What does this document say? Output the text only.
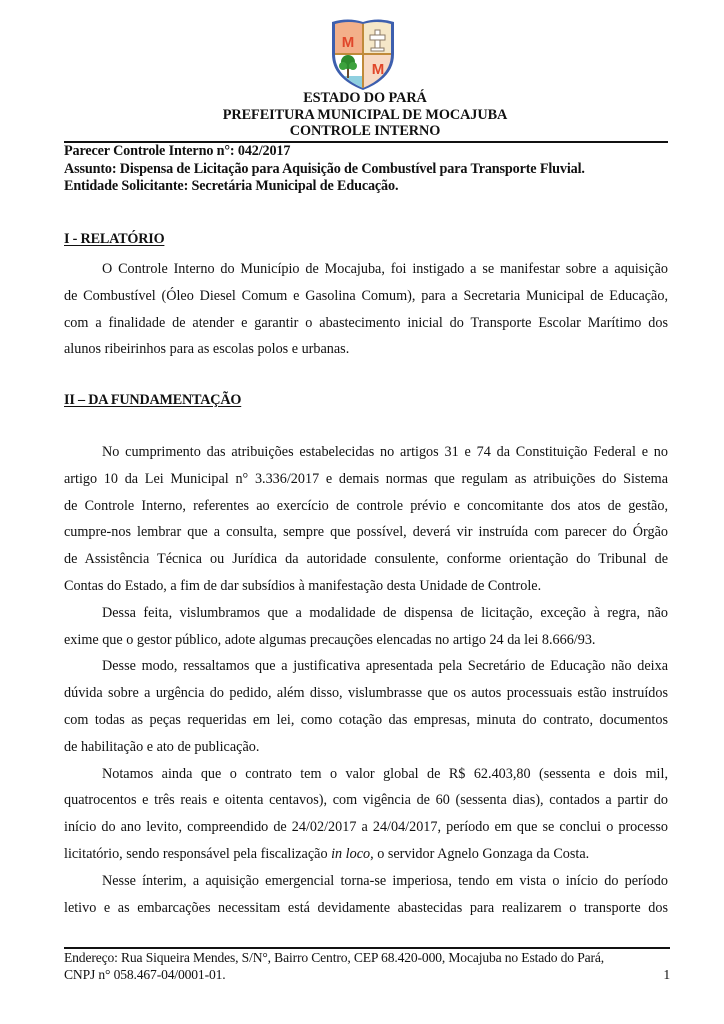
M
M
ESTADO DO PARÁ
PREFEITURA MUNICIPAL DE MOCAJUBA
CONTROLE INTERNO
Parecer Controle Interno n°: 042/2017
Assunto: Dispensa de Licitação para Aquisição de Combustível para Transporte Fluvial.
Entidade Solicitante: Secretária Municipal de Educação.
I - RELATÓRIO
O Controle Interno do Município de Mocajuba, foi instigado a se manifestar sobre a aquisição
de Combustível (Óleo Diesel Comum e Gasolina Comum), para a Secretaria Municipal de Educação,
com a finalidade de atender e garantir o abastecimento inicial do Transporte Escolar Marítimo dos
alunos ribeirinhos para as escolas polos e urbanas.
II – DA FUNDAMENTAÇÃO
No cumprimento das atribuições estabelecidas no artigos 31 e 74 da Constituição Federal e no
artigo 10 da Lei Municipal n° 3.336/2017 e demais normas que regulam as atribuições do Sistema
de Controle Interno, referentes ao exercício de controle prévio e concomitante dos atos de gestão,
cumpre-nos lembrar que a consulta, sempre que possível, deverá vir instruída com parecer do Órgão
de Assistência Técnica ou Jurídica da autoridade consulente, conforme orientação do Tribunal de
Contas do Estado, a fim de dar subsídios à manifestação desta Unidade de Controle.
Dessa feita, vislumbramos que a modalidade de dispensa de licitação, exceção à regra, não
exime que o gestor público, adote algumas precauções elencadas no artigo 24 da lei 8.666/93.
Desse modo, ressaltamos que a justificativa apresentada pela Secretário de Educação não deixa
dúvida sobre a urgência do pedido, além disso, vislumbrasse que os autos processuais estão instruídos
com todas as peças requeridas em lei, como cotação das empresas, minuta do contrato, documentos
de habilitação e ato de publicação.
Notamos ainda que o contrato tem o valor global de R$ 62.403,80 (sessenta e dois mil,
quatrocentos e três reais e oitenta centavos), com vigência de 60 (sessenta dias), contados a partir do
início do ano levito, compreendido de 24/02/2017 a 24/04/2017, período em que se conclui o processo
licitatório, sendo responsável pela fiscalização in loco, o servidor Agnelo Gonzaga da Costa.
Nesse ínterim, a aquisição emergencial torna-se imperiosa, tendo em vista o início do período
letivo e as embarcações necessitam está devidamente abastecidas para realizarem o transporte dos
Endereço: Rua Siqueira Mendes, S/N°, Bairro Centro, CEP 68.420-000, Mocajuba no Estado do Pará,
CNPJ n° 058.467-04/0001-01.	1
